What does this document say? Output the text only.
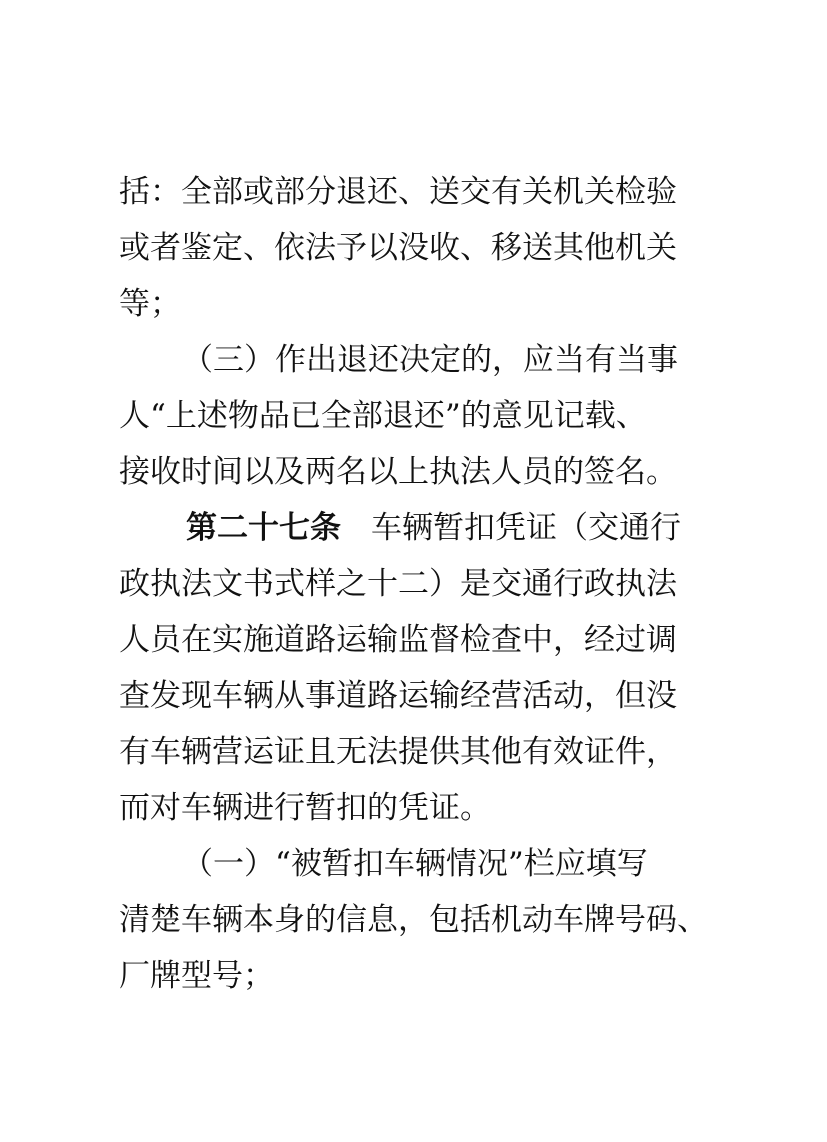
括：全部或部分退还、送交有关机关检验
或者鉴定、依法予以没收、移送其他机关
等；
（三）作出退还决定的，应当有当事
人“上述物品已全部退还”的意见记载、
接收时间以及两名以上执法人员的签名。
第二十七条 车辆暂扣凭证（交通行
政执法文书式样之十二）是交通行政执法
人员在实施道路运输监督检查中，经过调
查发现车辆从事道路运输经营活动，但没
有车辆营运证且无法提供其他有效证件，
而对车辆进行暂扣的凭证。
（一）“被暂扣车辆情况”栏应填写
清楚车辆本身的信息，包括机动车牌号码、
厂牌型号；
